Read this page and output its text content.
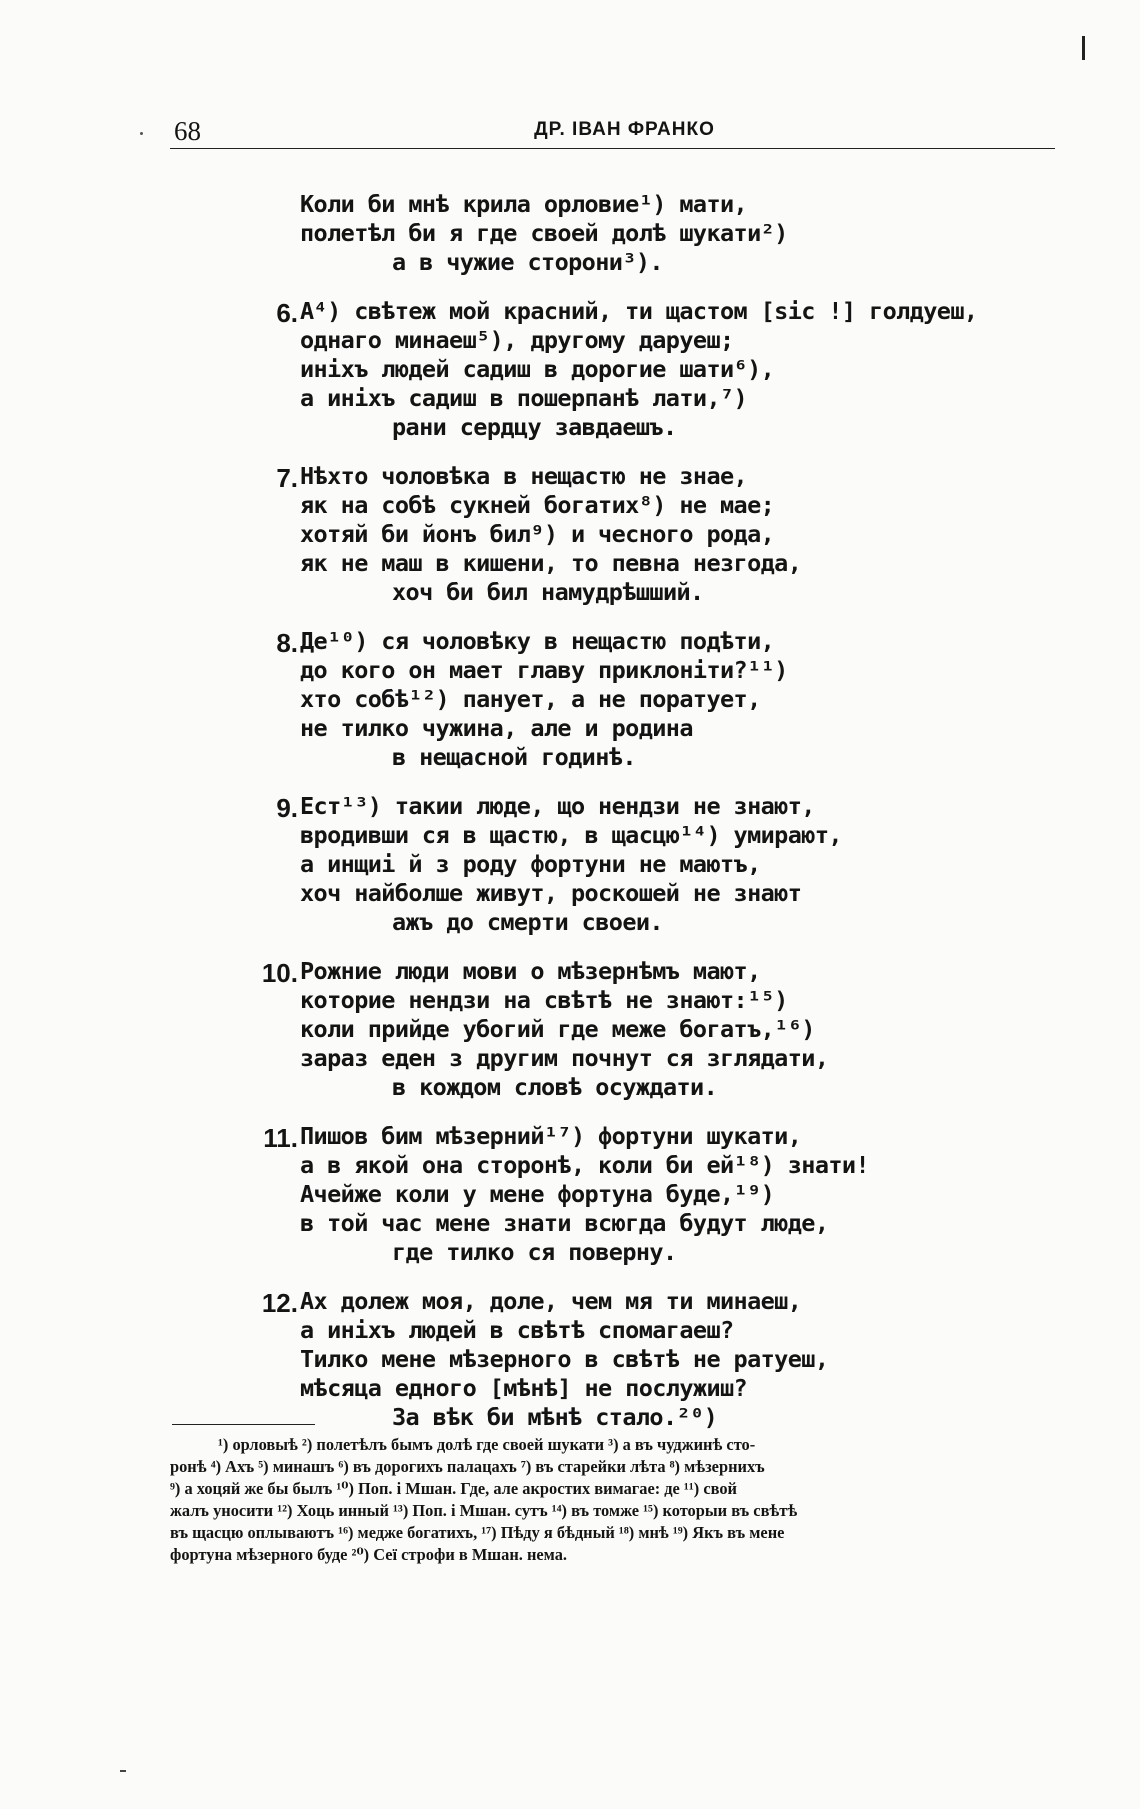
68	ДР. ІВАН ФРАНКО
Коли би мнѣ крила орловие¹) мати,
полетѣл би я где своей долѣ шукати²)
а в чужие сторони³).
6. А⁴) свѣтеж мой красний, ти щастом [sic !] голдуеш,
однаго минаеш⁵), другому даруеш;
иніхъ людей садиш в дорогие шати⁶),
а иніхъ садиш в пошерпанѣ лати,⁷)
рани сердцу завдаешъ.
7. Нѣхто чоловѣка в нещастю не знае,
як на собѣ сукней богатих⁸) не мае;
хотяй би йонъ бил⁹) и чесного рода,
як не маш в кишени, то певна незгода,
хоч би бил намудрѣшший.
8. Де¹⁰) ся чоловѣку в нещастю подѣти,
до кого он мает главу приклоніти?¹¹)
хто собѣ¹²) панует, а не поратует,
не тилко чужина, але и родина
в нещасной годинѣ.
9. Ест¹³) такии люде, що нендзи не знают,
вродивши ся в щастю, в щасцю¹⁴) умирают,
а инщиі й з роду фортуни не маютъ,
хоч найболше живут, роскошей не знают
ажъ до смерти своеи.
10. Рожние люди мови о мѣзернѣмъ мают,
которие нендзи на свѣтѣ не знают:¹⁵)
коли прийде убогий где меже богатъ,¹⁶)
зараз еден з другим почнут ся зглядати,
в кождом словѣ осуждати.
11. Пишов бим мѣзерний¹⁷) фортуни шукати,
а в якой она сторонѣ, коли би ей¹⁸) знати!
Ачейже коли у мене фортуна буде,¹⁹)
в той час мене знати всюгда будут люде,
где тилко ся поверну.
12. Ах долеж моя, доле, чем мя ти минаеш,
а иніхъ людей в свѣтѣ спомагаеш?
Тилко мене мѣзерного в свѣтѣ не ратуеш,
мѣсяца едного [мѣнѣ] не послужиш?
За вѣк би мѣнѣ стало.²⁰)
¹) орловыѣ ²) полетѣлъ бымъ долѣ где своей шукати ³) а въ чуджинѣ сто-
ронѣ ⁴) Ахъ ⁵) минашъ ⁶) въ дорогихъ палацахъ ⁷) въ старейки лѣта ⁸) мѣзерниxъ
⁹) а хоцяй же бы былъ ¹⁰) Поп. і Мшан. Где, але акростих вимагае: де ¹¹) свой
жалъ уносити ¹²) Хоць инный ¹³) Поп. і Мшан. сутъ ¹⁴) въ томже ¹⁵) которыи въ свѣтѣ
въ щасцю оплываютъ ¹⁶) медже богатихъ, ¹⁷) Пѣду я бѣдный ¹⁸) мнѣ ¹⁹) Якъ въ мене
фортуна мѣзерного буде ²⁰) Сеї строфи в Мшан. нема.
